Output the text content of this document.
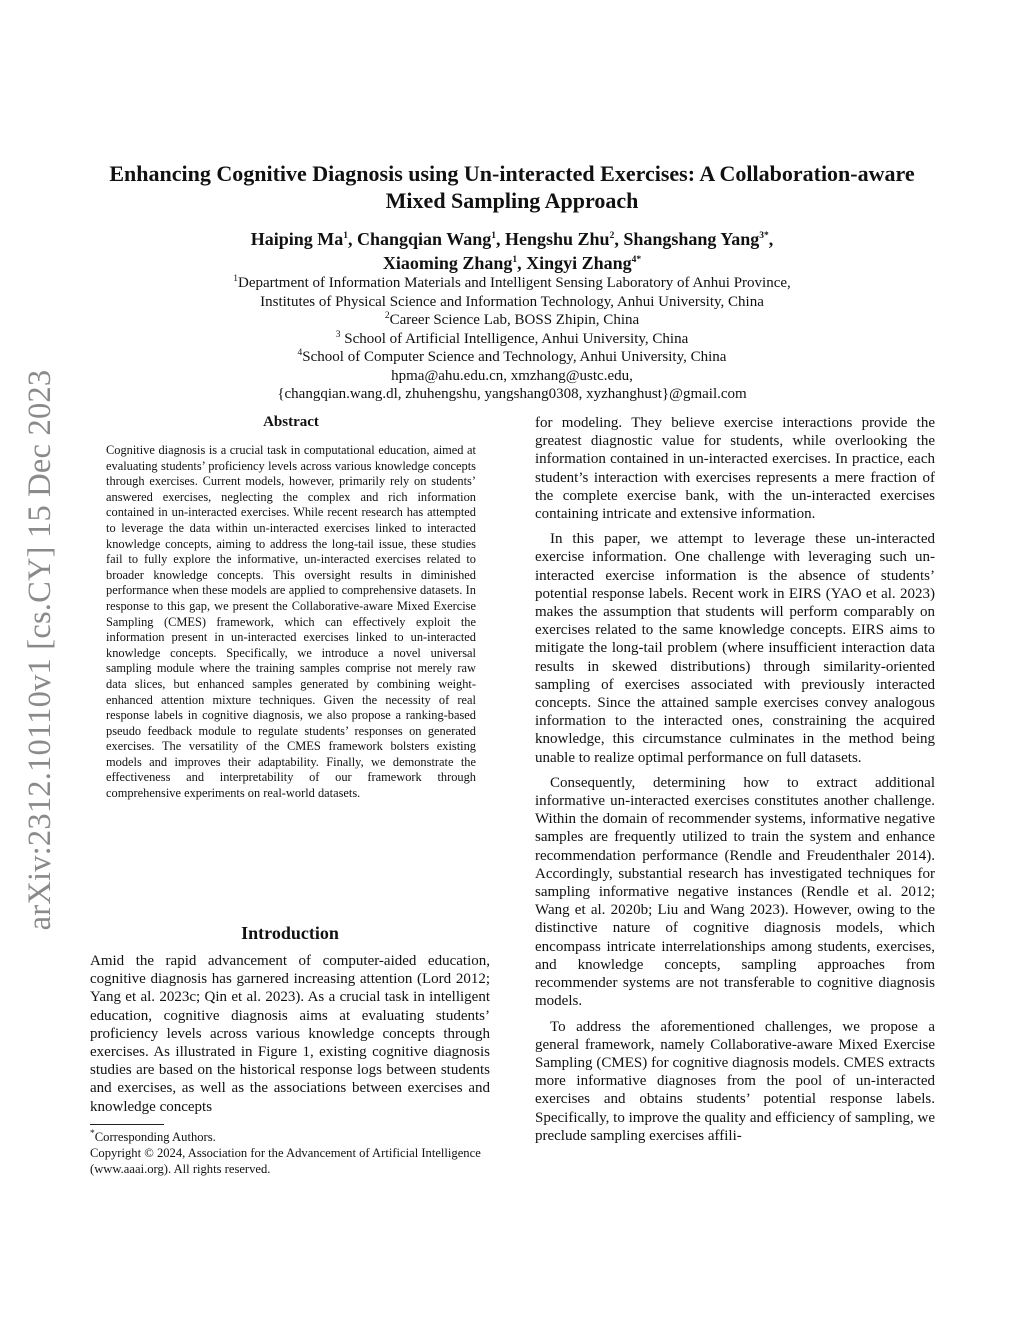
arXiv:2312.10110v1 [cs.CY] 15 Dec 2023
Enhancing Cognitive Diagnosis using Un-interacted Exercises: A Collaboration-aware Mixed Sampling Approach
Haiping Ma$^1$, Changqian Wang$^1$, Hengshu Zhu$^2$, Shangshang Yang$^{3*}$,
Xiaoming Zhang$^1$, Xingyi Zhang$^{4*}$
$^1$Department of Information Materials and Intelligent Sensing Laboratory of Anhui Province,
Institutes of Physical Science and Information Technology, Anhui University, China
$^2$Career Science Lab, BOSS Zhipin, China
$^3$ School of Artificial Intelligence, Anhui University, China
$^4$School of Computer Science and Technology, Anhui University, China
hpma@ahu.edu.cn, xmzhang@ustc.edu,
{changqian.wang.dl, zhuhengshu, yangshang0308, xyzhanghust}@gmail.com
Abstract
Cognitive diagnosis is a crucial task in computational education, aimed at evaluating students’ proficiency levels across various knowledge concepts through exercises. Current models, however, primarily rely on students’ answered exercises, neglecting the complex and rich information contained in un-interacted exercises. While recent research has attempted to leverage the data within un-interacted exercises linked to interacted knowledge concepts, aiming to address the long-tail issue, these studies fail to fully explore the informative, un-interacted exercises related to broader knowledge concepts. This oversight results in diminished performance when these models are applied to comprehensive datasets. In response to this gap, we present the Collaborative-aware Mixed Exercise Sampling (CMES) framework, which can effectively exploit the information present in un-interacted exercises linked to un-interacted knowledge concepts. Specifically, we introduce a novel universal sampling module where the training samples comprise not merely raw data slices, but enhanced samples generated by combining weight-enhanced attention mixture techniques. Given the necessity of real response labels in cognitive diagnosis, we also propose a ranking-based pseudo feedback module to regulate students’ responses on generated exercises. The versatility of the CMES framework bolsters existing models and improves their adaptability. Finally, we demonstrate the effectiveness and interpretability of our framework through comprehensive experiments on real-world datasets.
Introduction
Amid the rapid advancement of computer-aided education, cognitive diagnosis has garnered increasing attention (Lord 2012; Yang et al. 2023c; Qin et al. 2023). As a crucial task in intelligent education, cognitive diagnosis aims at evaluating students’ proficiency levels across various knowledge concepts through exercises. As illustrated in Figure 1, existing cognitive diagnosis studies are based on the historical response logs between students and exercises, as well as the associations between exercises and knowledge concepts
*Corresponding Authors.
Copyright © 2024, Association for the Advancement of Artificial Intelligence (www.aaai.org). All rights reserved.

for modeling. They believe exercise interactions provide the greatest diagnostic value for students, while overlooking the information contained in un-interacted exercises. In practice, each student’s interaction with exercises represents a mere fraction of the complete exercise bank, with the un-interacted exercises containing intricate and extensive information.

In this paper, we attempt to leverage these un-interacted exercise information. One challenge with leveraging such un-interacted exercise information is the absence of students’ potential response labels. Recent work in EIRS (YAO et al. 2023) makes the assumption that students will perform comparably on exercises related to the same knowledge concepts. EIRS aims to mitigate the long-tail problem (where insufficient interaction data results in skewed distributions) through similarity-oriented sampling of exercises associated with previously interacted concepts. Since the attained sample exercises convey analogous information to the interacted ones, constraining the acquired knowledge, this circumstance culminates in the method being unable to realize optimal performance on full datasets.

Consequently, determining how to extract additional informative un-interacted exercises constitutes another challenge. Within the domain of recommender systems, informative negative samples are frequently utilized to train the system and enhance recommendation performance (Rendle and Freudenthaler 2014). Accordingly, substantial research has investigated techniques for sampling informative negative instances (Rendle et al. 2012; Wang et al. 2020b; Liu and Wang 2023). However, owing to the distinctive nature of cognitive diagnosis models, which encompass intricate interrelationships among students, exercises, and knowledge concepts, sampling approaches from recommender systems are not transferable to cognitive diagnosis models.

To address the aforementioned challenges, we propose a general framework, namely Collaborative-aware Mixed Exercise Sampling (CMES) for cognitive diagnosis models. CMES extracts more informative diagnoses from the pool of un-interacted exercises and obtains students’ potential response labels. Specifically, to improve the quality and efficiency of sampling, we preclude sampling exercises affili-
